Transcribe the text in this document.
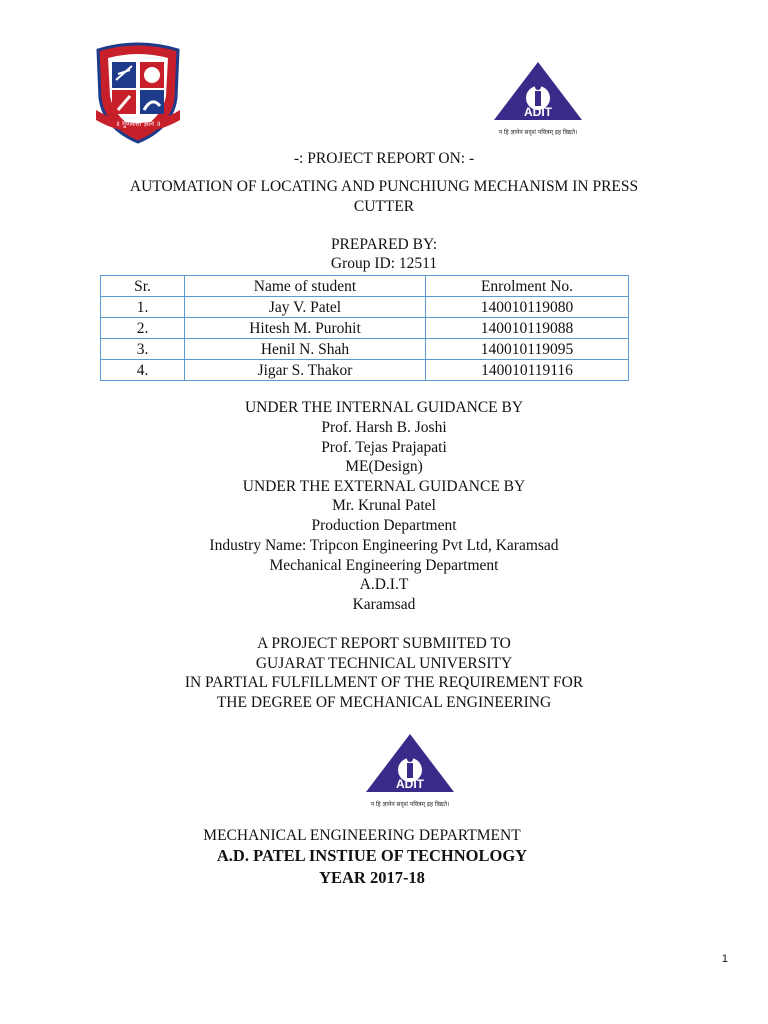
॥ गुणवत्ता ज्ञान ॥
ADIT
न हि ज्ञानेन सदृशं पवित्रम् इह विद्यते।
-: PROJECT REPORT ON: -
AUTOMATION OF LOCATING AND PUNCHIUNG MECHANISM IN PRESS
CUTTER
PREPARED BY:
Group ID: 12511
Sr.	Name of student	Enrolment No.
1.	Jay V. Patel	140010119080
2.	Hitesh M. Purohit	140010119088
3.	Henil N. Shah	140010119095
4.	Jigar S. Thakor	140010119116
UNDER THE INTERNAL GUIDANCE BY
Prof. Harsh B. Joshi
Prof. Tejas Prajapati
ME(Design)
UNDER THE EXTERNAL GUIDANCE BY
Mr. Krunal Patel
Production Department
Industry Name: Tripcon Engineering Pvt Ltd, Karamsad
Mechanical Engineering Department
A.D.I.T
Karamsad
A PROJECT REPORT SUBMIITED TO
GUJARAT TECHNICAL UNIVERSITY
IN PARTIAL FULFILLMENT OF THE REQUIREMENT FOR
THE DEGREE OF MECHANICAL ENGINEERING
ADIT
न हि ज्ञानेन सदृशं पवित्रम् इह विद्यते।
MECHANICAL ENGINEERING DEPARTMENT
A.D. PATEL INSTIUE OF TECHNOLOGY
YEAR 2017-18
1
